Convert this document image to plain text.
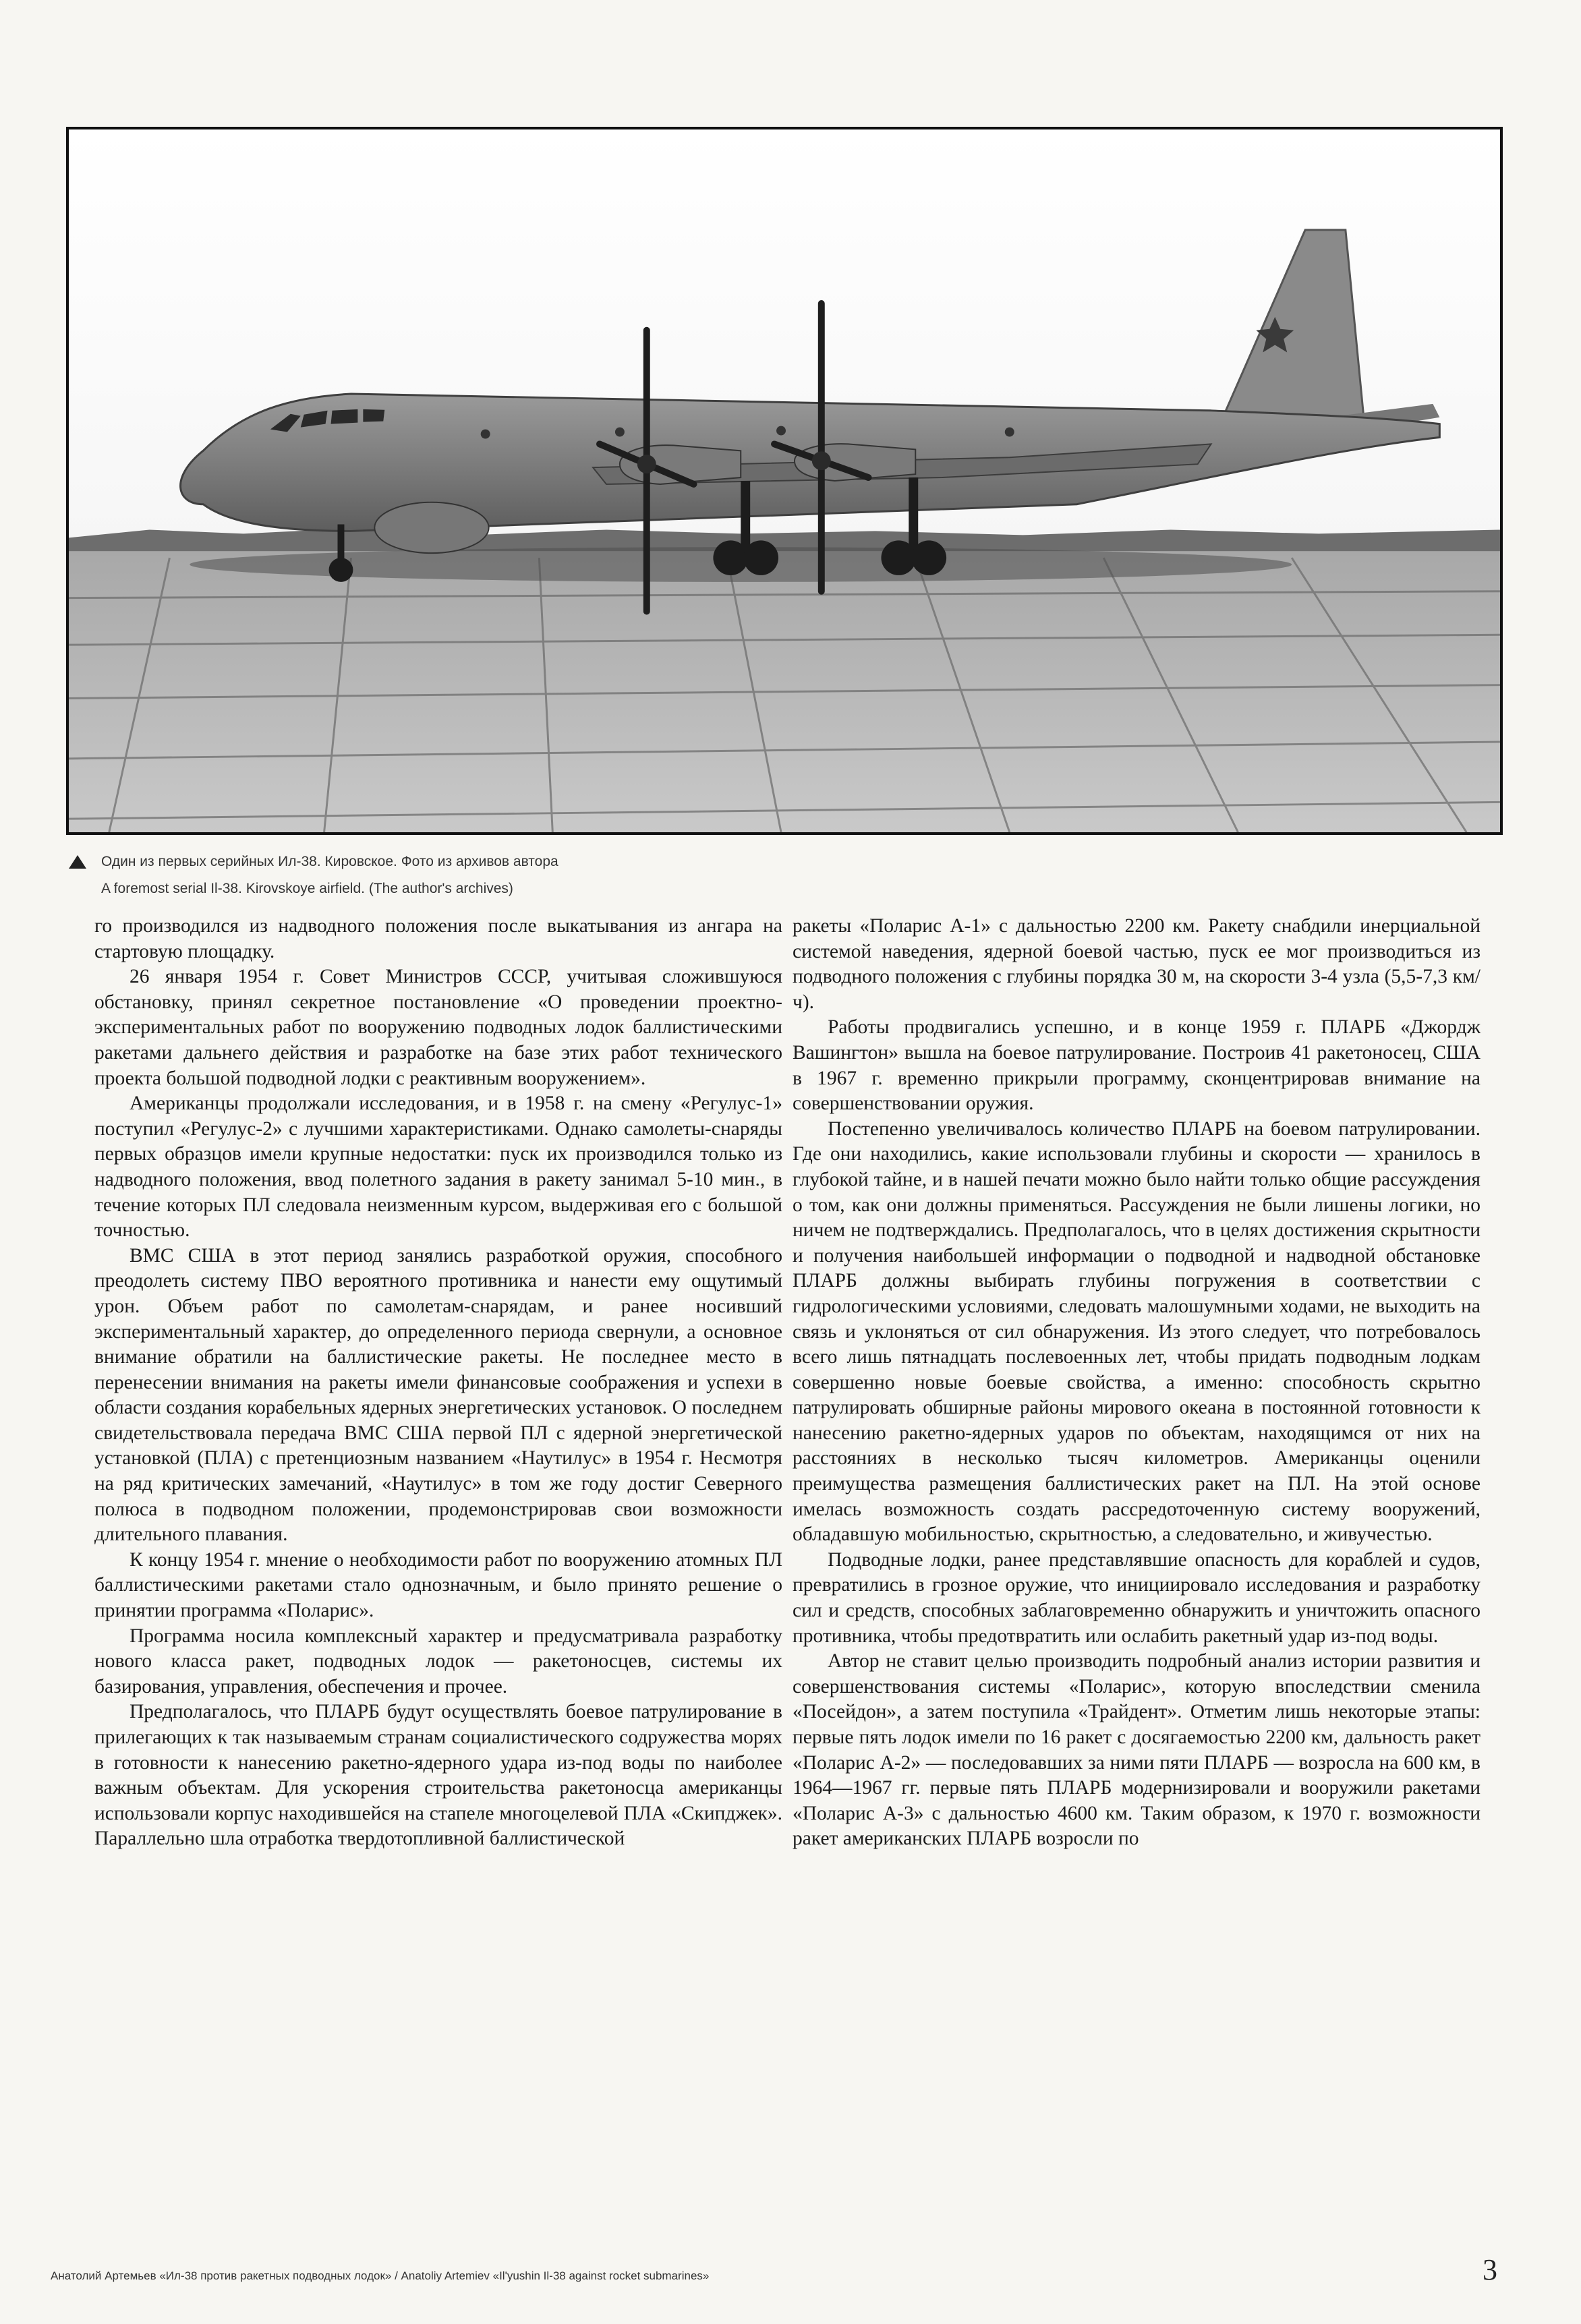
Один из первых серийных Ил-38. Кировское. Фото из архивов автора
A foremost serial Il-38. Kirovskoye airfield. (The author's archives)

го производился из надводного положения после выкатывания из ангара на стартовую площадку.

26 января 1954 г. Совет Министров СССР, учитывая сложившуюся обстановку, принял секретное постановление «О проведении проектно-экспериментальных работ по вооружению подводных лодок баллистическими ракетами дальнего действия и разработке на базе этих работ технического проекта большой подводной лодки с реактивным вооружением».

Американцы продолжали исследования, и в 1958 г. на смену «Регулус-1» поступил «Регулус-2» с лучшими характеристиками. Однако самолеты-снаряды первых образцов имели крупные недостатки: пуск их производился только из надводного положения, ввод полетного задания в ракету занимал 5-10 мин., в течение которых ПЛ следовала неизменным курсом, выдерживая его с большой точностью.

ВМС США в этот период занялись разработкой оружия, способного преодолеть систему ПВО вероятного противника и нанести ему ощутимый урон. Объем работ по самолетам-снарядам, и ранее носивший экспериментальный характер, до определенного периода свернули, а основное внимание обратили на баллистические ракеты. Не последнее место в перенесении внимания на ракеты имели финансовые соображения и успехи в области создания корабельных ядерных энергетических установок. О последнем свидетельствовала передача ВМС США первой ПЛ с ядерной энергетической установкой (ПЛА) с претенциозным названием «Наутилус» в 1954 г. Несмотря на ряд критических замечаний, «Наутилус» в том же году достиг Северного полюса в подводном положении, продемонстрировав свои возможности длительного плавания.

К концу 1954 г. мнение о необходимости работ по вооружению атомных ПЛ баллистическими ракетами стало однозначным, и было принято решение о принятии программа «Поларис».

Программа носила комплексный характер и предусматривала разработку нового класса ракет, подводных лодок — ракетоносцев, системы их базирования, управления, обеспечения и прочее.

Предполагалось, что ПЛАРБ будут осуществлять боевое патрулирование в прилегающих к так называемым странам социалистического содружества морях в готовности к нанесению ракетно-ядерного удара из-под воды по наиболее важным объектам. Для ускорения строительства ракетоносца американцы использовали корпус находившейся на стапеле многоцелевой ПЛА «Скипджек». Параллельно шла отработка твердотопливной баллистической

ракеты «Поларис А-1» с дальностью 2200 км. Ракету снабдили инерциальной системой наведения, ядерной боевой частью, пуск ее мог производиться из подводного положения с глубины порядка 30 м, на скорости 3-4 узла (5,5-7,3 км/ч).

Работы продвигались успешно, и в конце 1959 г. ПЛАРБ «Джордж Вашингтон» вышла на боевое патрулирование. Построив 41 ракетоносец, США в 1967 г. временно прикрыли программу, сконцентрировав внимание на совершенствовании оружия.

Постепенно увеличивалось количество ПЛАРБ на боевом патрулировании. Где они находились, какие использовали глубины и скорости — хранилось в глубокой тайне, и в нашей печати можно было найти только общие рассуждения о том, как они должны применяться. Рассуждения не были лишены логики, но ничем не подтверждались. Предполагалось, что в целях достижения скрытности и получения наибольшей информации о подводной и надводной обстановке ПЛАРБ должны выбирать глубины погружения в соответствии с гидрологическими условиями, следовать малошумными ходами, не выходить на связь и уклоняться от сил обнаружения. Из этого следует, что потребовалось всего лишь пятнадцать послевоенных лет, чтобы придать подводным лодкам совершенно новые боевые свойства, а именно: способность скрытно патрулировать обширные районы мирового океана в постоянной готовности к нанесению ракетно-ядерных ударов по объектам, находящимся от них на расстояниях в несколько тысяч километров. Американцы оценили преимущества размещения баллистических ракет на ПЛ. На этой основе имелась возможность создать рассредоточенную систему вооружений, обладавшую мобильностью, скрытностью, а следовательно, и живучестью.

Подводные лодки, ранее представлявшие опасность для кораблей и судов, превратились в грозное оружие, что инициировало исследования и разработку сил и средств, способных заблаговременно обнаружить и уничтожить опасного противника, чтобы предотвратить или ослабить ракетный удар из-под воды.

Автор не ставит целью производить подробный анализ истории развития и совершенствования системы «Поларис», которую впоследствии сменила «Посейдон», а затем поступила «Трайдент». Отметим лишь некоторые этапы: первые пять лодок имели по 16 ракет с досягаемостью 2200 км, дальность ракет «Поларис А-2» — последовавших за ними пяти ПЛАРБ — возросла на 600 км, в 1964—1967 гг. первые пять ПЛАРБ модернизировали и вооружили ракетами «Поларис А-3» с дальностью 4600 км. Таким образом, к 1970 г. возможности ракет американских ПЛАРБ возросли по

Анатолий Артемьев «Ил-38 против ракетных подводных лодок» / Anatoliy Artemiev «Il'yushin Il-38 against rocket submarines»	3
